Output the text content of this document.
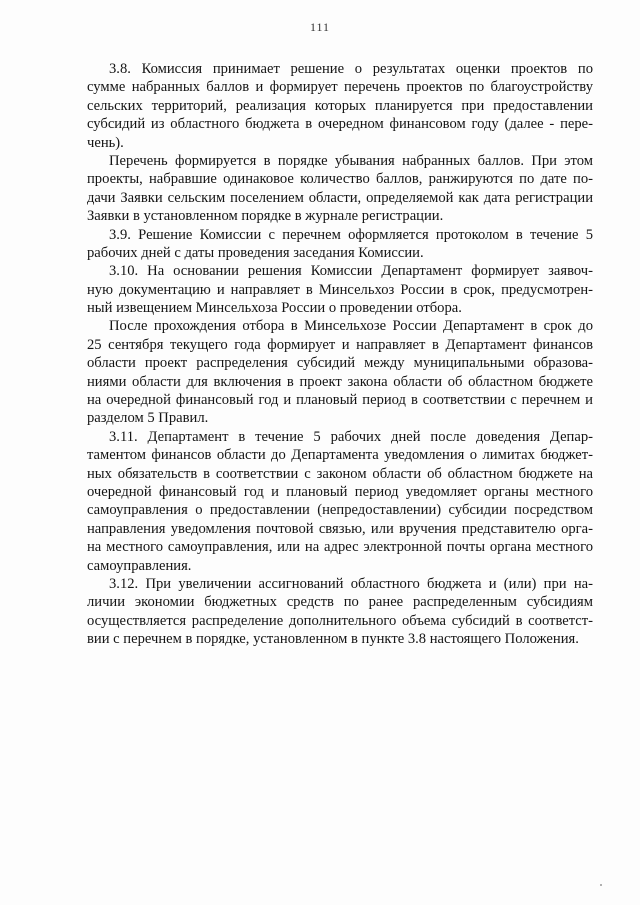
111
3.8. Комиссия принимает решение о результатах оценки проектов по
сумме набранных баллов и формирует перечень проектов по благоустройству
сельских территорий, реализация которых планируется при предоставлении
субсидий из областного бюджета в очередном финансовом году (далее - пере-
чень).
Перечень формируется в порядке убывания набранных баллов. При этом
проекты, набравшие одинаковое количество баллов, ранжируются по дате по-
дачи Заявки сельским поселением области, определяемой как дата регистрации
Заявки в установленном порядке в журнале регистрации.
3.9. Решение Комиссии с перечнем оформляется протоколом в течение 5
рабочих дней с даты проведения заседания Комиссии.
3.10. На основании решения Комиссии Департамент формирует заявоч-
ную документацию и направляет в Минсельхоз России в срок, предусмотрен-
ный извещением Минсельхоза России о проведении отбора.
После прохождения отбора в Минсельхозе России Департамент в срок до
25 сентября текущего года формирует и направляет в Департамент финансов
области проект распределения субсидий между муниципальными образова-
ниями области для включения в проект закона области об областном бюджете
на очередной финансовый год и плановый период в соответствии с перечнем и
разделом 5 Правил.
3.11. Департамент в течение 5 рабочих дней после доведения Депар-
таментом финансов области до Департамента уведомления о лимитах бюджет-
ных обязательств в соответствии с законом области об областном бюджете на
очередной финансовый год и плановый период уведомляет органы местного
самоуправления о предоставлении (непредоставлении) субсидии посредством
направления уведомления почтовой связью, или вручения представителю орга-
на местного самоуправления, или на адрес электронной почты органа местного
самоуправления.
3.12. При увеличении ассигнований областного бюджета и (или) при на-
личии экономии бюджетных средств по ранее распределенным субсидиям
осуществляется распределение дополнительного объема субсидий в соответст-
вии с перечнем в порядке, установленном в пункте 3.8 настоящего Положения.
